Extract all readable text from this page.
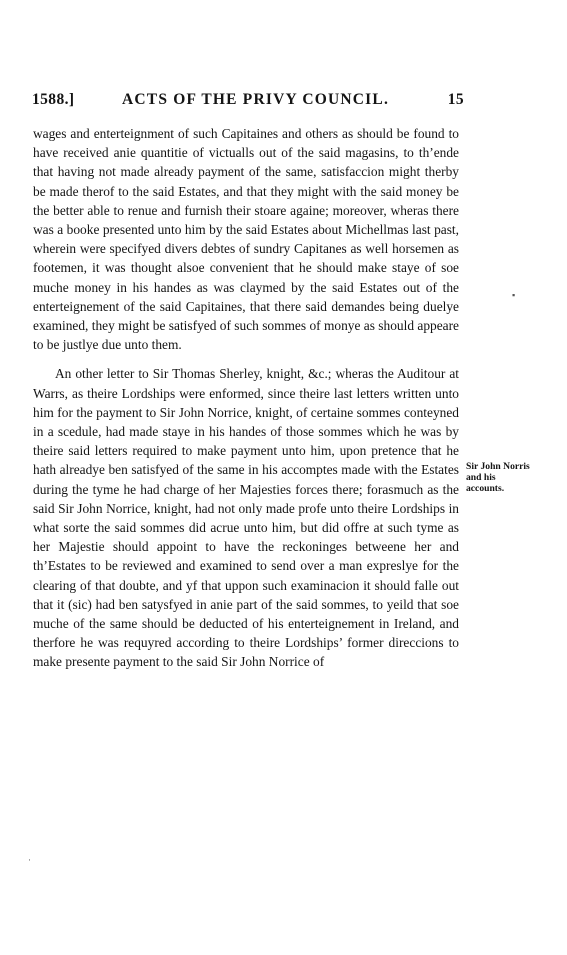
1588.]	ACTS OF THE PRIVY COUNCIL.	15

wages and enterteignment of such Capitaines and others as should be found to have received anie quantitie of victualls out of the said magasins, to th’ende that having not made already payment of the same, satisfaccion might therby be made therof to the said Estates, and that they might with the said money be the better able to renue and furnish their stoare againe; moreover, wheras there was a booke presented unto him by the said Estates about Michellmas last past, wherein were specifyed divers debtes of sundry Capitanes as well horsemen as footemen, it was thought alsoe convenient that he should make staye of soe muche money in his handes as was claymed by the said Estates out of the enterteignement of the said Capitaines, that there said demandes being duelye examined, they might be satisfyed of such sommes of monye as should appeare to be justlye due unto them.

An other letter to Sir Thomas Sherley, knight, &c.; wheras the Auditour at Warrs, as theire Lordships were enformed, since theire last letters written unto him for the payment to Sir John Norrice, knight, of certaine sommes conteyned in a scedule, had made staye in his handes of those sommes which he was by theire said letters required to make payment unto him, upon pretence that he hath alreadye ben satisfyed of the same in his accomptes made with the Estates during the tyme he had charge of her Majesties forces there; forasmuch as the said Sir John Norrice, knight, had not only made profe unto theire Lordships in what sorte the said sommes did acrue unto him, but did offre at such tyme as her Majestie should appoint to have the reckoninges betweene her and th’Estates to be reviewed and examined to send over a man expreslye for the clearing of that doubte, and yf that uppon such examinacion it should falle out that it (sic) had ben satysfyed in anie part of the said sommes, to yeild that soe muche of the same should be deducted of his enterteignement in Ireland, and therfore he was requyred according to theire Lordships’ former direccions to make presente payment to the said Sir John Norrice of

Sir John Norris and his accounts.
▪
·
